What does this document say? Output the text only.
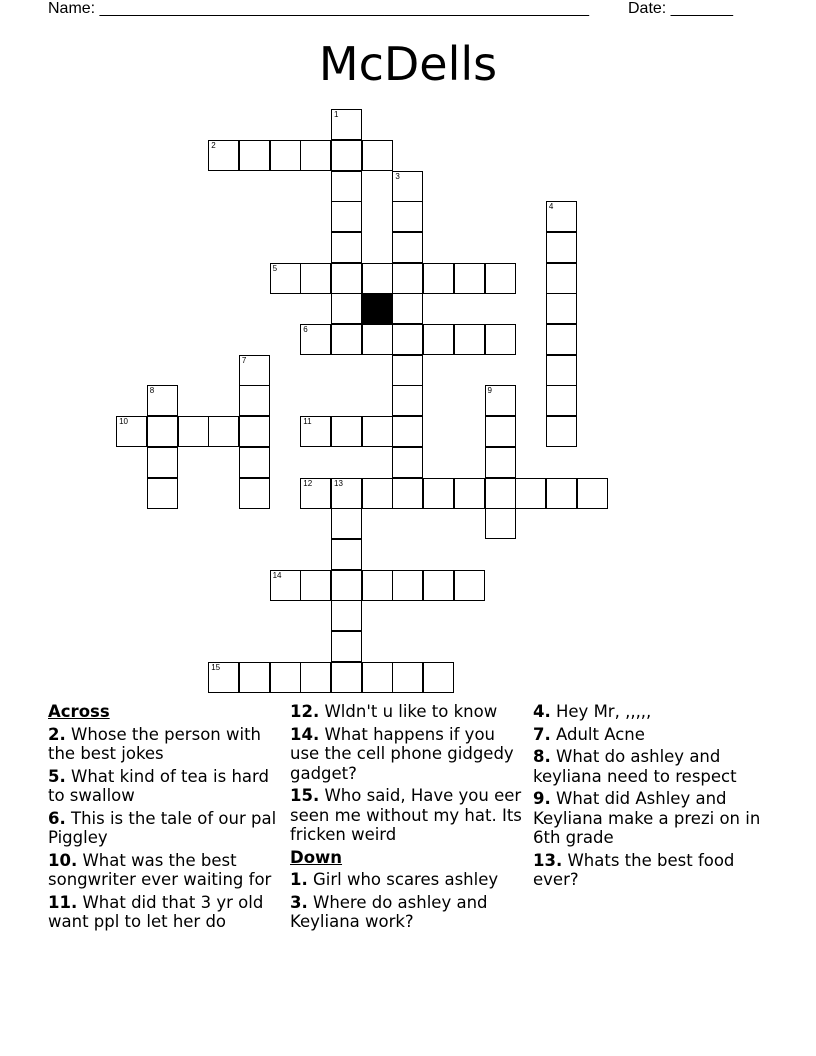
Name: _______________________________________________________ Date: _______
McDells
1
2
3
4
5
6
7
8	9
10	11
12	13
14
15
Across
2. Whose the person with the best jokes
5. What kind of tea is hard to swallow
6. This is the tale of our pal Piggley
10. What was the best songwriter ever waiting for
11. What did that 3 yr old want ppl to let her do
12. Wldn't u like to know
14. What happens if you use the cell phone gidgedy gadget?
15. Who said, Have you eer seen me without my hat. Its fricken weird
Down
1. Girl who scares ashley
3. Where do ashley and Keyliana work?
4. Hey Mr, ,,,,,
7. Adult Acne
8. What do ashley and keyliana need to respect
9. What did Ashley and Keyliana make a prezi on in 6th grade
13. Whats the best food ever?
